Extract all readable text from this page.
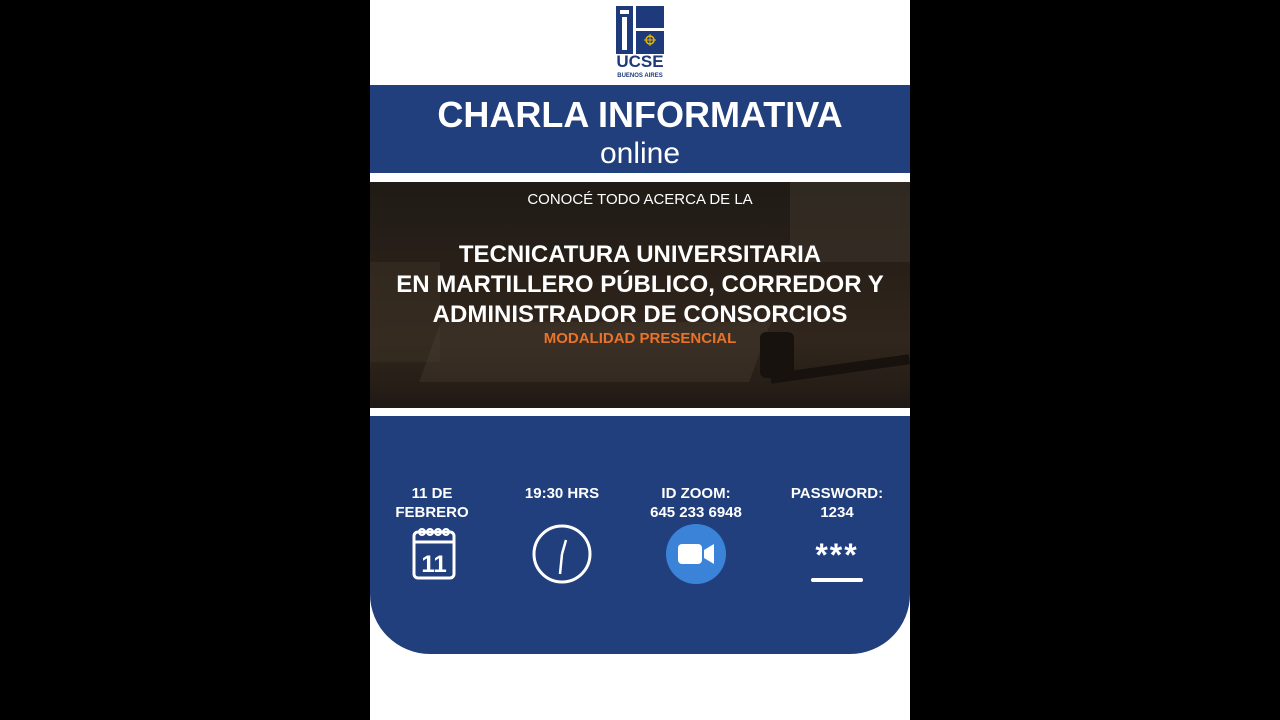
UCSE
BUENOS AIRES
CHARLA INFORMATIVA
online
CONOCÉ TODO ACERCA DE LA
TECNICATURA UNIVERSITARIA
EN MARTILLERO PÚBLICO, CORREDOR Y
ADMINISTRADOR DE CONSORCIOS
MODALIDAD PRESENCIAL
11 DE
FEBRERO
11
19:30 HRS	ID ZOOM:
645 233 6948
PASSWORD:
1234
***
